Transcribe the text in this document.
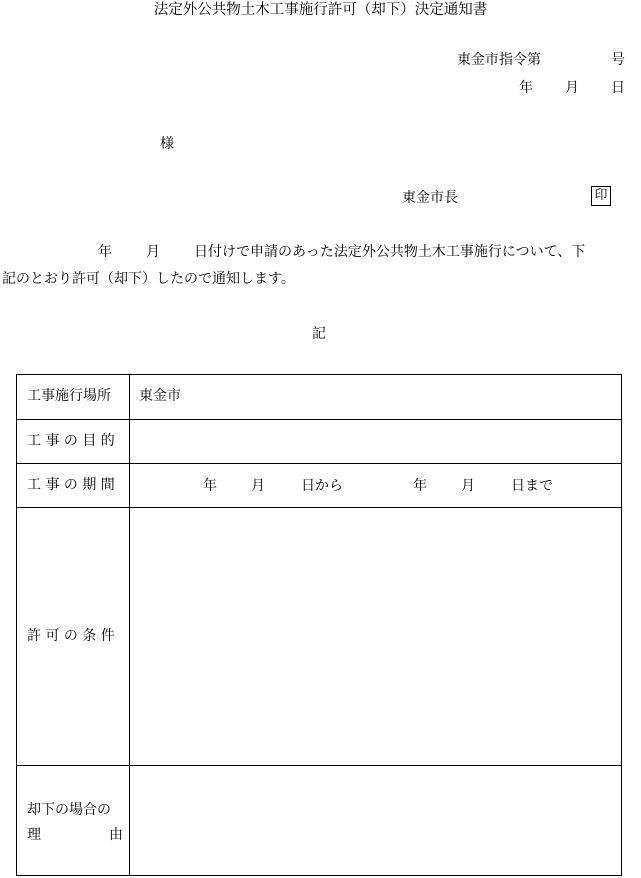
法定外公共物土木工事施行許可（却下）決定通知書
東金市指令第	号
年 月 日
様
東金市長	印
年 月 日付けで申請のあった法定外公共物土木工事施行について、下
記のとおり許可（却下）したので通知します。
記
工事施行場所	東金市
工 事 の 目 的
工 事 の 期 間	年 月	日から	年 月	日まで
許 可 の 条 件
却下の場合の
理	由
